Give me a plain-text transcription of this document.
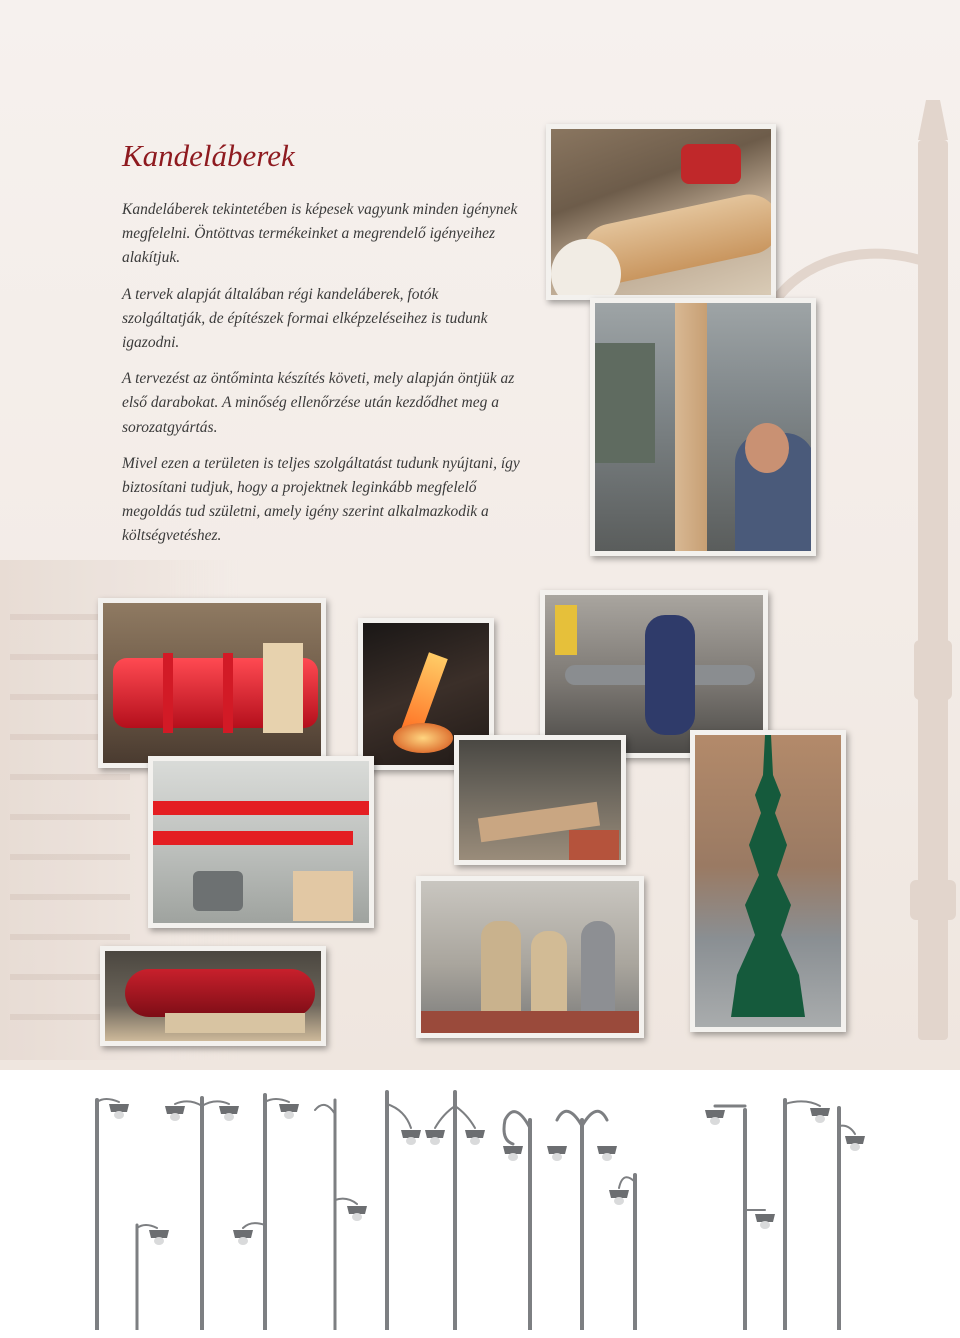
Kandeláberek

Kandeláberek tekintetében is képesek vagyunk minden igénynek megfelelni. Öntöttvas termékeinket a megrendelő igényeihez alakítjuk.

A tervek alapját általában régi kandeláberek, fotók szolgáltatják, de építészek formai elképzeléseihez is tudunk igazodni.

A tervezést az öntőminta készítés követi, mely alapján öntjük az első darabokat. A minőség ellenőrzése után kezdődhet meg a sorozatgyártás.

Mivel ezen a területen is teljes szolgáltatást tudunk nyújtani, így biztosítani tudjuk, hogy a projektnek leginkább megfelelő megoldás tud születni, amely igény szerint alkalmazkodik a költségvetéshez.
